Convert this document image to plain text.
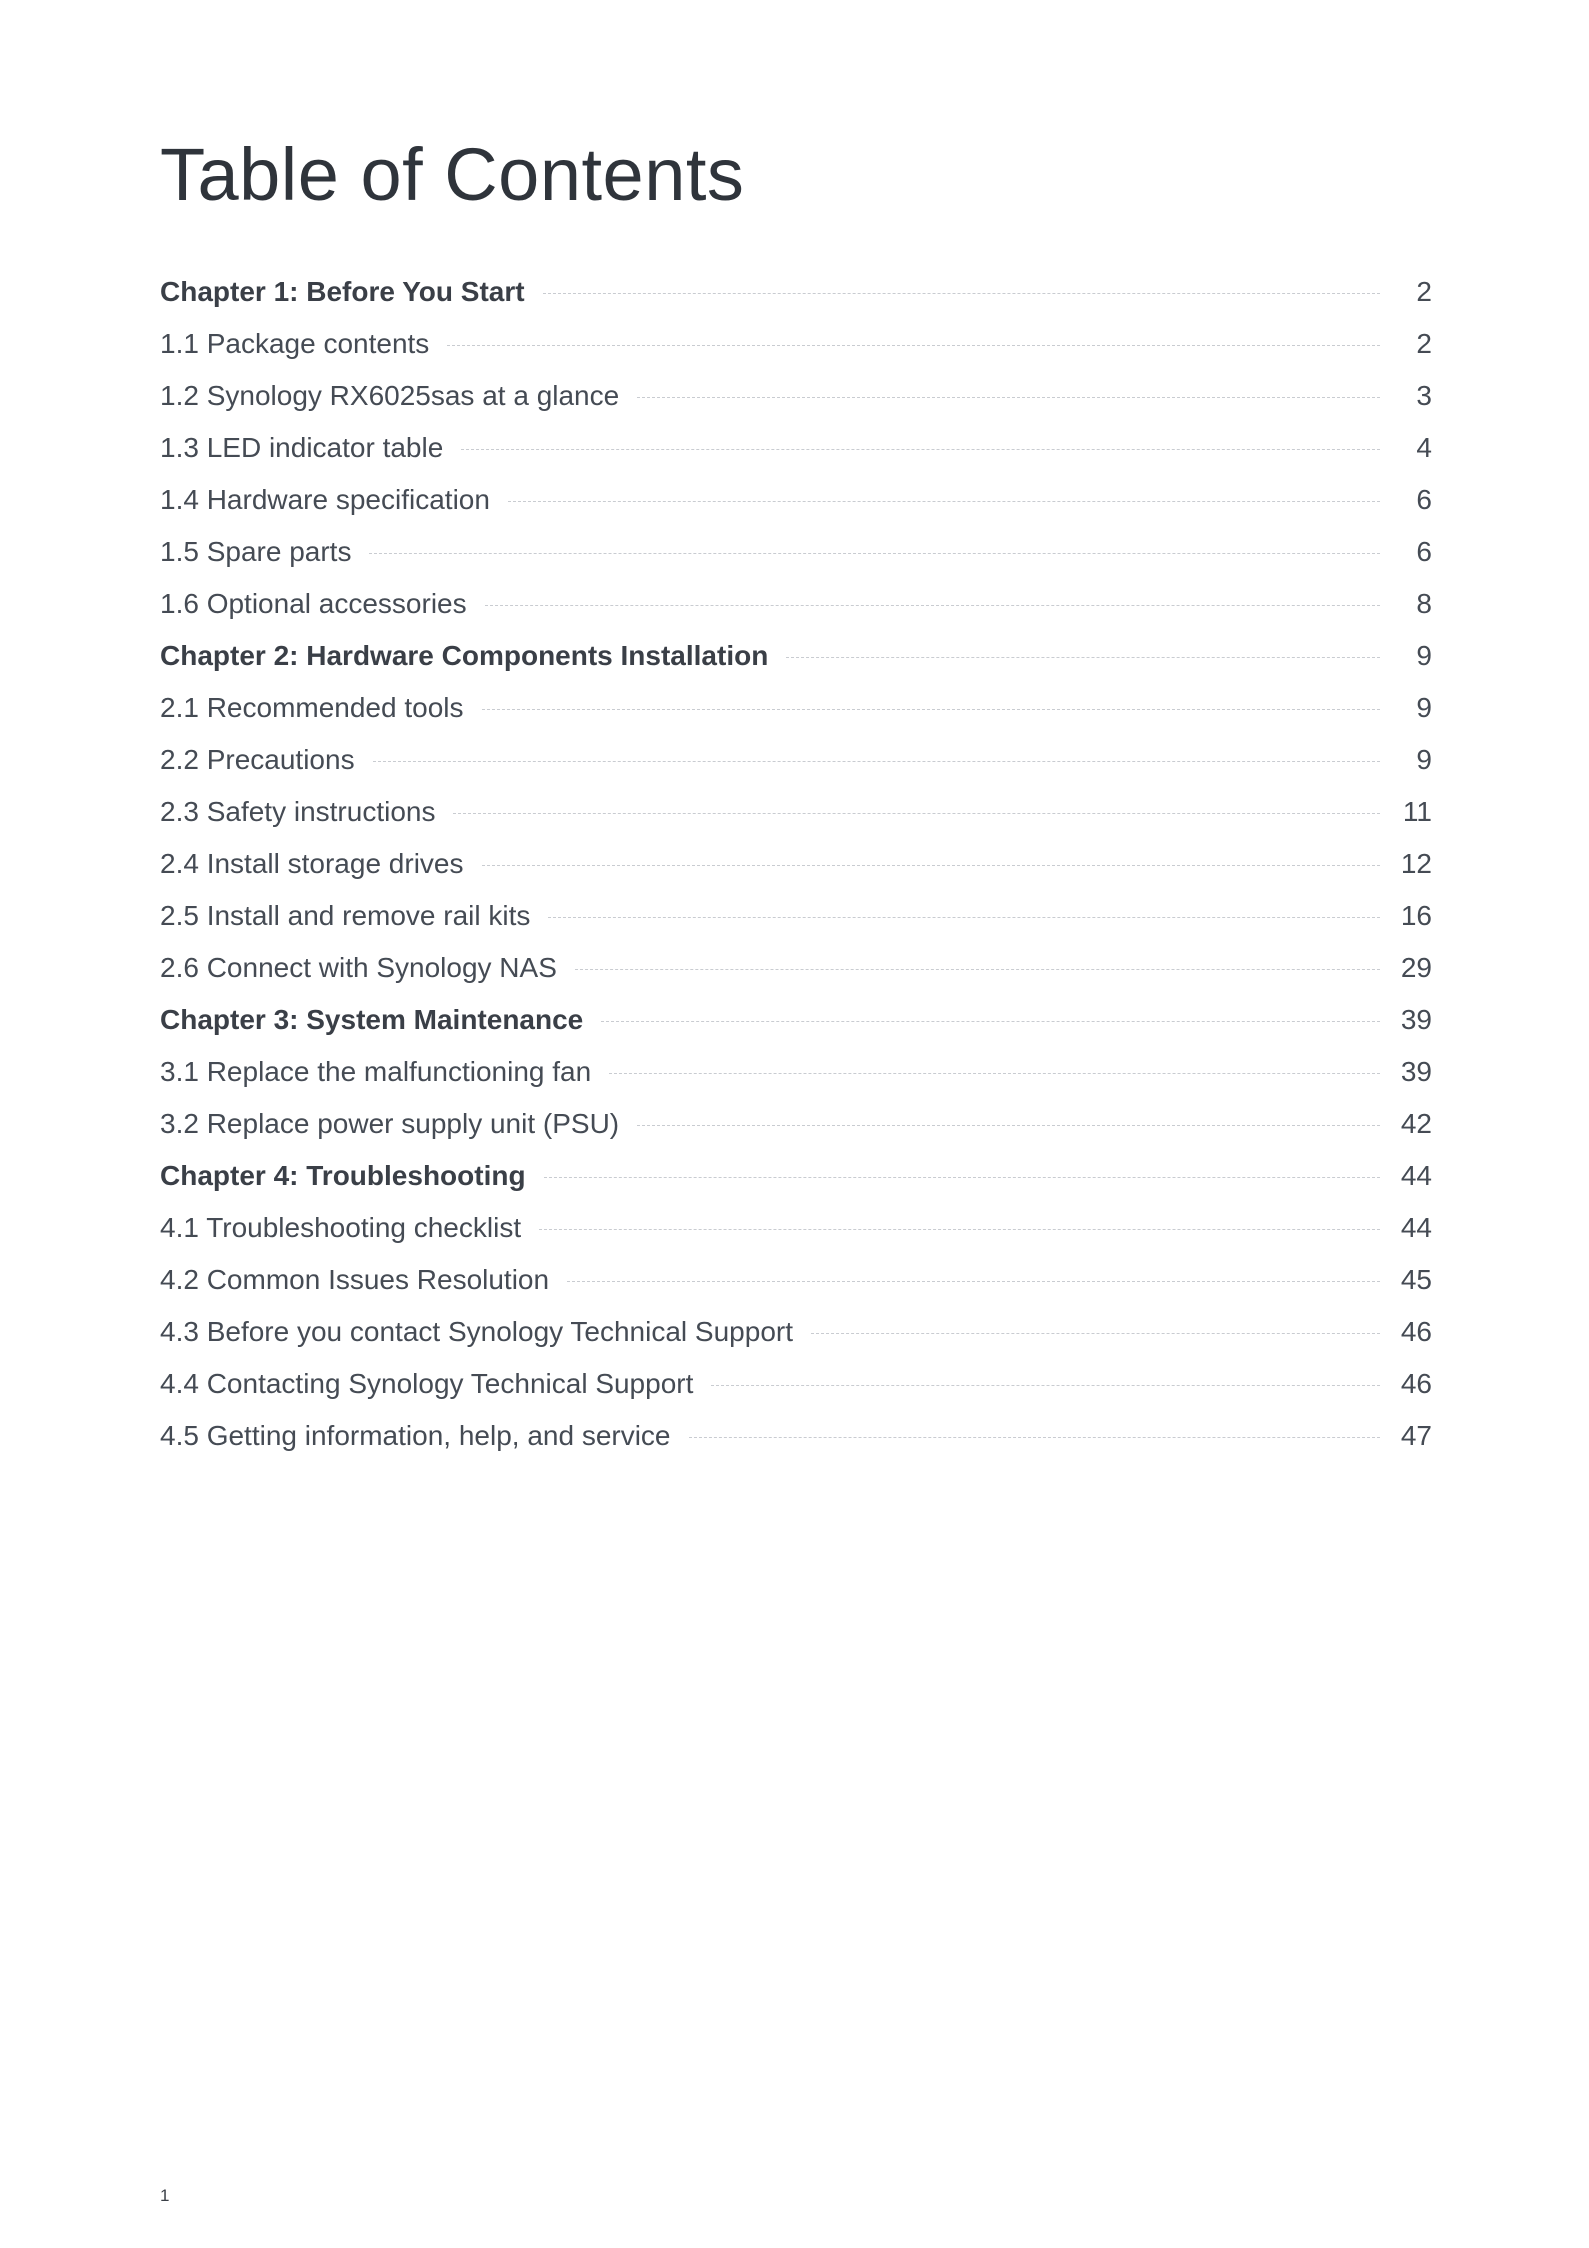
Table of Contents
Chapter 1: Before You Start	2
1.1 Package contents	2
1.2 Synology RX6025sas at a glance	3
1.3 LED indicator table	4
1.4 Hardware specification	6
1.5 Spare parts	6
1.6 Optional accessories	8
Chapter 2: Hardware Components Installation	9
2.1 Recommended tools	9
2.2 Precautions	9
2.3 Safety instructions	11
2.4 Install storage drives	12
2.5 Install and remove rail kits	16
2.6 Connect with Synology NAS	29
Chapter 3: System Maintenance	39
3.1 Replace the malfunctioning fan	39
3.2 Replace power supply unit (PSU)	42
Chapter 4: Troubleshooting	44
4.1 Troubleshooting checklist	44
4.2 Common Issues Resolution	45
4.3 Before you contact Synology Technical Support	46
4.4 Contacting Synology Technical Support	46
4.5 Getting information, help, and service	47
1
